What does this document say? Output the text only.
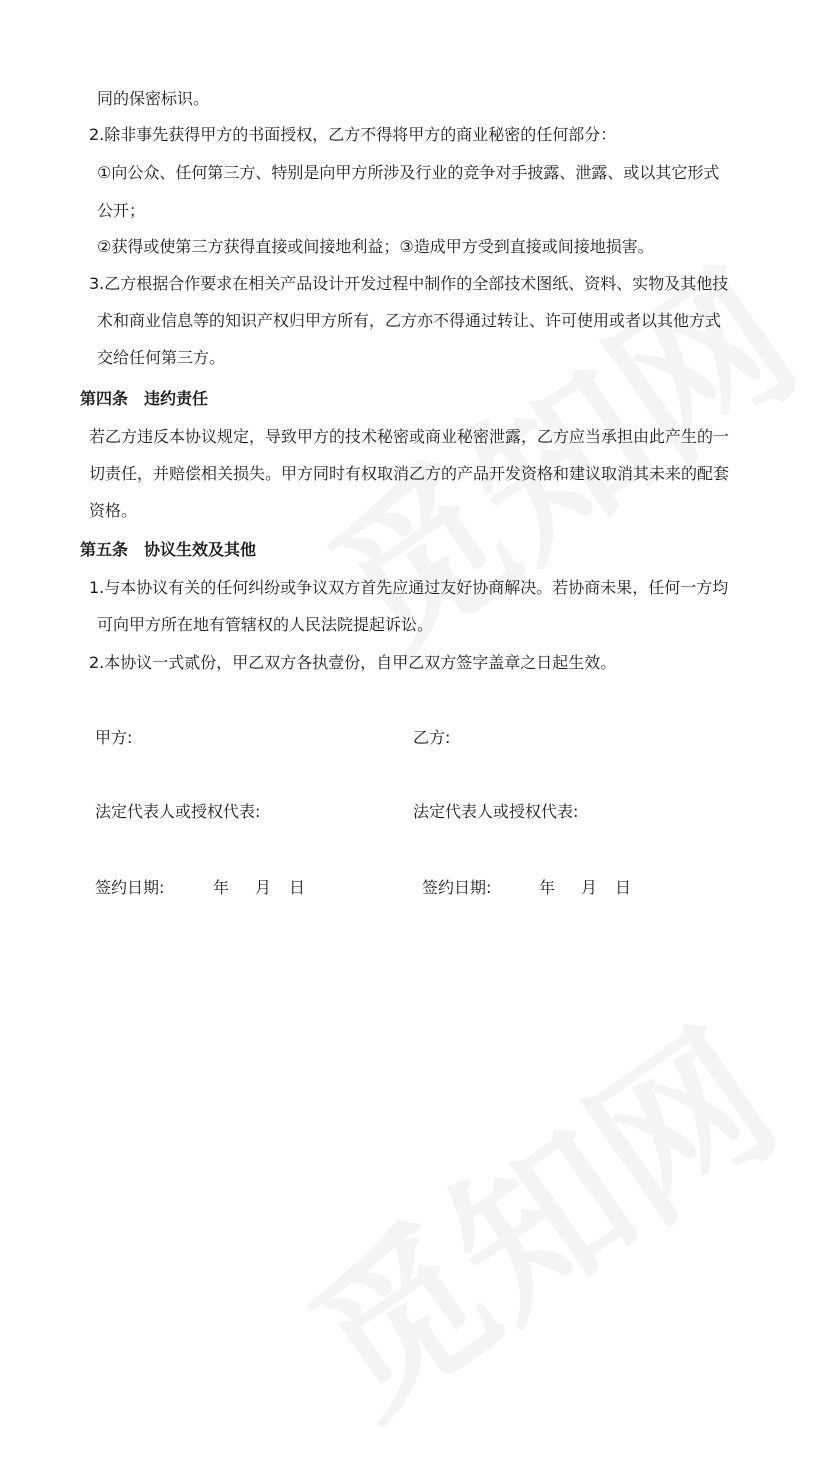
同的保密标识。

2.除非事先获得甲方的书面授权，乙方不得将甲方的商业秘密的任何部分：

①向公众、任何第三方、特别是向甲方所涉及行业的竞争对手披露、泄露、或以其它形式

公开；

②获得或使第三方获得直接或间接地利益；③造成甲方受到直接或间接地损害。

3.乙方根据合作要求在相关产品设计开发过程中制作的全部技术图纸、资料、实物及其他技

术和商业信息等的知识产权归甲方所有，乙方亦不得通过转让、许可使用或者以其他方式

交给任何第三方。

第四条　违约责任

若乙方违反本协议规定，导致甲方的技术秘密或商业秘密泄露，乙方应当承担由此产生的一

切责任，并赔偿相关损失。甲方同时有权取消乙方的产品开发资格和建议取消其未来的配套

资格。

第五条　协议生效及其他

1.与本协议有关的任何纠纷或争议双方首先应通过友好协商解决。若协商未果，任何一方均

可向甲方所在地有管辖权的人民法院提起诉讼。

2.本协议一式贰份，甲乙双方各执壹份，自甲乙双方签字盖章之日起生效。

甲方:	乙方:
法定代表人或授权代表:	法定代表人或授权代表:
签约日期:	年 月 日	签约日期:	年 月 日
